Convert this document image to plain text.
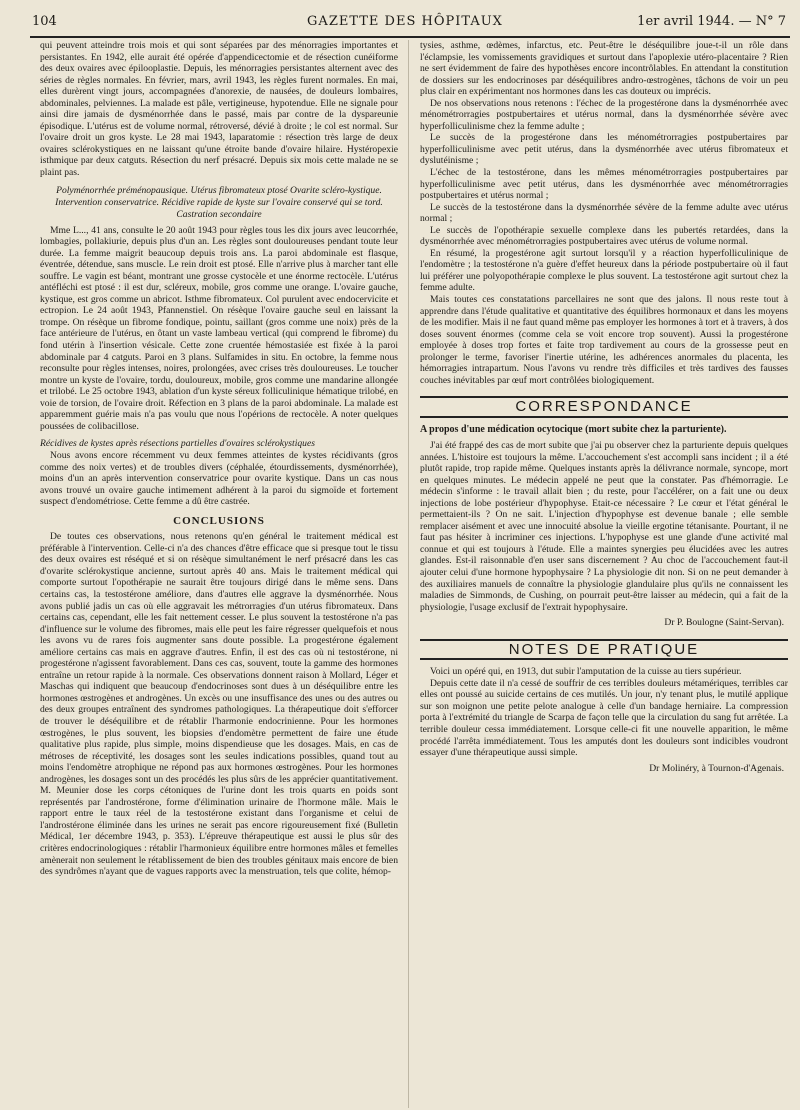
104	GAZETTE DES HÔPITAUX	1er avril 1944. — N° 7

qui peuvent atteindre trois mois et qui sont séparées par des ménorragies importantes et persistantes. En 1942, elle aurait été opérée d'appendicectomie et de résection cunéiforme des deux ovaires avec épilooplastie. Depuis, les ménorragies persistantes alternent avec des séries de règles normales. En février, mars, avril 1943, les règles furent normales. En mai, elles durèrent vingt jours, accompagnées d'anorexie, de nausées, de douleurs lombaires, abdominales, pelviennes. La malade est pâle, vertigineuse, hypotendue. Elle ne signale pour ainsi dire jamais de dysménorrhée dans le passé, mais par contre de la dyspareunie épisodique. L'utérus est de volume normal, rétroversé, dévié à droite ; le col est normal. Sur l'ovaire droit un gros kyste. Le 28 mai 1943, laparatomie : résection très large de deux ovaires sclérokystiques en ne laissant qu'une étroite bande d'ovaire hilaire. Hystéropexie isthmique par deux catguts. Résection du nerf présacré. Depuis six mois cette malade ne se plaint pas.

Polyménorrhée préménopausique. Utérus fibromateux ptosé Ovarite scléro-kystique. Intervention conservatrice. Récidive rapide de kyste sur l'ovaire conservé qui se tord. Castration secondaire

Mme L..., 41 ans, consulte le 20 août 1943 pour règles tous les dix jours avec leucorrhée, lombagies, pollakiurie, depuis plus d'un an. Les règles sont douloureuses pendant toute leur durée. La femme maigrit beaucoup depuis trois ans. La paroi abdominale est flasque, éventrée, détendue, sans muscle. Le rein droit est ptosé. Elle n'arrive plus à marcher tant elle souffre. Le vagin est béant, montrant une grosse cystocèle et une énorme rectocèle. L'utérus antéfléchi est ptosé : il est dur, scléreux, mobile, gros comme une orange. L'ovaire gauche, kystique, est gros comme un abricot. Isthme fibromateux. Col purulent avec endocervicite et ectropion. Le 24 août 1943, Pfannenstiel. On résèque l'ovaire gauche seul en laissant la trompe. On résèque un fibrome fondique, pointu, saillant (gros comme une noix) près de la face antérieure de l'utérus, en ôtant un vaste lambeau vertical (qui comprend le fibrome) du fond utérin à l'insertion vésicale. Cette zone cruentée hémostasiée est fixée à la paroi abdominale par 4 catguts. Paroi en 3 plans. Sulfamides in situ. En octobre, la femme nous reconsulte pour règles intenses, noires, prolongées, avec crises très douloureuses. Le toucher montre un kyste de l'ovaire, tordu, douloureux, mobile, gros comme une mandarine allongée et trilobé. Le 25 octobre 1943, ablation d'un kyste séreux folliculinique hématique trilobé, en voie de torsion, de l'ovaire droit. Réfection en 3 plans de la paroi abdominale. La malade est apparemment guérie mais n'a pas voulu que nous l'opérions de rectocèle. A noter quelques poussées de colibacillose.

Récidives de kystes après résections partielles d'ovaires sclérokystiques

Nous avons encore récemment vu deux femmes atteintes de kystes récidivants (gros comme des noix vertes) et de troubles divers (céphalée, étourdissements, dysménorrhée), moins d'un an après intervention conservatrice pour ovarite kystique. Dans un cas nous avons trouvé un ovaire gauche intimement adhérent à la paroi du sigmoïde et fortement suspect d'endométriose. Cette femme a dû être castrée.

CONCLUSIONS

De toutes ces observations, nous retenons qu'en général le traitement médical est préférable à l'intervention. Celle-ci n'a des chances d'être efficace que si presque tout le tissu des deux ovaires est réséqué et si on résèque simultanément le nerf présacré dans les cas d'ovarite sclérokystique ancienne, surtout après 40 ans. Mais le traitement médical qui comporte surtout l'opothérapie ne saurait être toujours dirigé dans le même sens. Dans certains cas, la testostérone améliore, dans d'autres elle aggrave la dysménorrhée. Nous avons publié jadis un cas où elle aggravait les métrorragies d'un utérus fibromateux. Dans certains cas, cependant, elle les fait nettement cesser. Le plus souvent la testostérone n'a pas d'influence sur le volume des fibromes, mais elle peut les faire régresser quelquefois et nous les avons vu de rares fois augmenter sans doute possible. La progestérone également améliore certains cas mais en aggrave d'autres. Enfin, il est des cas où ni testostérone, ni progestérone n'agissent favorablement. Dans ces cas, souvent, toute la gamme des hormones entraîne un retour rapide à la normale. Ces observations donnent raison à Mollard, Léger et Maschas qui indiquent que beaucoup d'endocrinoses sont dues à un déséquilibre entre les hormones œstrogènes et androgènes. Un excès ou une insuffisance des unes ou des autres ou des deux groupes entraînent des syndromes pathologiques. La thérapeutique doit s'efforcer de trouver le déséquilibre et de rétablir l'harmonie endocrinienne. Pour les hormones œstrogènes, le plus souvent, les biopsies d'endomètre permettent de faire une étude qualitative plus rapide, plus simple, moins dispendieuse que les dosages. Mais, en cas de métroses de réceptivité, les dosages sont les seules indications possibles, quand tout au moins l'endomètre atrophique ne répond pas aux hormones œstrogènes. Pour les hormones androgènes, les dosages sont un des procédés les plus sûrs de les apprécier quantitativement. M. Meunier dose les corps cétoniques de l'urine dont les trois quarts en poids sont représentés par l'androstérone, forme d'élimination urinaire de l'hormone mâle. Mais le rapport entre le taux réel de la testostérone existant dans l'organisme et celui de l'androstérone éliminée dans les urines ne serait pas encore rigoureusement fixé (Bulletin Médical, 1er décembre 1943, p. 353). L'épreuve thérapeutique est aussi le plus sûr des critères endocrinologiques : rétablir l'harmonieux équilibre entre hormones mâles et femelles amènerait non seulement le rétablissement de bien des troubles génitaux mais encore de bien des syndrômes n'ayant que de vagues rapports avec la menstruation, tels que colite, hémop-

tysies, asthme, œdèmes, infarctus, etc. Peut-être le déséquilibre joue-t-il un rôle dans l'éclampsie, les vomissements gravidiques et surtout dans l'apoplexie utéro-placentaire ? Rien ne sert évidemment de faire des hypothèses encore incontrôlables. En attendant la constitution de dossiers sur les endocrinoses par déséquilibres andro-œstrogènes, tâchons de voir un peu plus clair en expérimentant nos hormones dans les cas douteux ou imprécis.

De nos observations nous retenons : l'échec de la progestérone dans la dysménorrhée avec ménométrorragies postpubertaires et utérus normal, dans la dysménorrhée sévère avec hyperfolliculinisme chez la femme adulte ;

Le succès de la progestérone dans les ménométrorragies postpubertaires par hyperfolliculinisme avec petit utérus, dans la dysménorrhée avec utérus fibromateux et dyslutéinisme ;

L'échec de la testostérone, dans les mêmes ménométrorragies postpubertaires par hyperfolliculinisme avec petit utérus, dans les dysménorrhée avec ménométrorragies postpubertaires et utérus normal ;

Le succès de la testostérone dans la dysménorrhée sévère de la femme adulte avec utérus normal ;

Le succès de l'opothérapie sexuelle complexe dans les pubertés retardées, dans la dysménorrhée avec ménométrorragies postpubertaires avec utérus de volume normal.

En résumé, la progestérone agit surtout lorsqu'il y a réaction hyperfolliculinique de l'endomètre ; la testostérone n'a guère d'effet heureux dans la période postpubertaire où il faut lui préférer une polyopothérapie complexe le plus souvent. La testostérone agit surtout chez la femme adulte.

Mais toutes ces constatations parcellaires ne sont que des jalons. Il nous reste tout à apprendre dans l'étude qualitative et quantitative des équilibres hormonaux et dans les moyens de les modifier. Mais il ne faut quand même pas employer les hormones à tort et à travers, à dos doses souvent énormes (comme cela se voit encore trop souvent). Aussi la progestérone employée à doses trop fortes et faite trop tardivement au cours de la grossesse peut en prolonger le terme, favoriser l'inertie utérine, les adhérences anormales du placenta, les hémorragies intrapartum. Nous l'avons vu rendre très difficiles et très tardives des fausses couches inévitables par œuf mort contrôlées biologiquement.

CORRESPONDANCE
A propos d'une médication ocytocique (mort subite chez la parturiente).

J'ai été frappé des cas de mort subite que j'ai pu observer chez la parturiente depuis quelques années. L'histoire est toujours la même. L'accouchement s'est accompli sans incident ; il a été plutôt rapide, trop rapide même. Quelques instants après la délivrance normale, syncope, mort en quelques minutes. Le médecin appelé ne peut que la constater. Pas d'hémorragie. Le médecin s'informe : le travail allait bien ; du reste, pour l'accélérer, on a fait une ou deux injections de lobe postérieur d'hypophyse. Etait-ce nécessaire ? Le cœur et l'état général le permettaient-ils ? On ne sait. L'injection d'hypophyse est devenue banale ; elle semble remplacer aisément et avec une innocuité absolue la vieille ergotine tétanisante. Pourtant, il ne faut pas hésiter à incriminer ces injections. L'hypophyse est une glande d'une activité mal connue et qui est toujours à l'étude. Elle a maintes synergies peu élucidées avec les autres glandes. Est-il raisonnable d'en user sans discernement ? Au choc de l'accouchement faut-il ajouter celui d'une hormone hypophysaire ? La physiologie dit non. Si on ne peut demander à des auxiliaires manuels de connaître la physiologie glandulaire plus qu'ils ne connaissent les maladies de Simmonds, de Cushing, on pourrait peut-être laisser au médecin, qui a fait de la physiologie, l'usage exclusif de l'extrait hypophysaire.

Dr P. Boulogne (Saint-Servan).
NOTES DE PRATIQUE

Voici un opéré qui, en 1913, dut subir l'amputation de la cuisse au tiers supérieur.

Depuis cette date il n'a cessé de souffrir de ces terribles douleurs métamériques, terribles car elles ont poussé au suicide certains de ces mutilés. Un jour, n'y tenant plus, le mutilé applique sur son moignon une petite pelote analogue à celle d'un bandage herniaire. La compression porta à l'extrémité du triangle de Scarpa de façon telle que la circulation du sang fut arrêtée. La terrible douleur cessa immédiatement. Lorsque celle-ci fit une nouvelle apparition, le même procédé l'arrêta immédiatement. Tous les amputés dont les douleurs sont indicibles voudront essayer d'une thérapeutique aussi simple.

Dr Molinéry, à Tournon-d'Agenais.
